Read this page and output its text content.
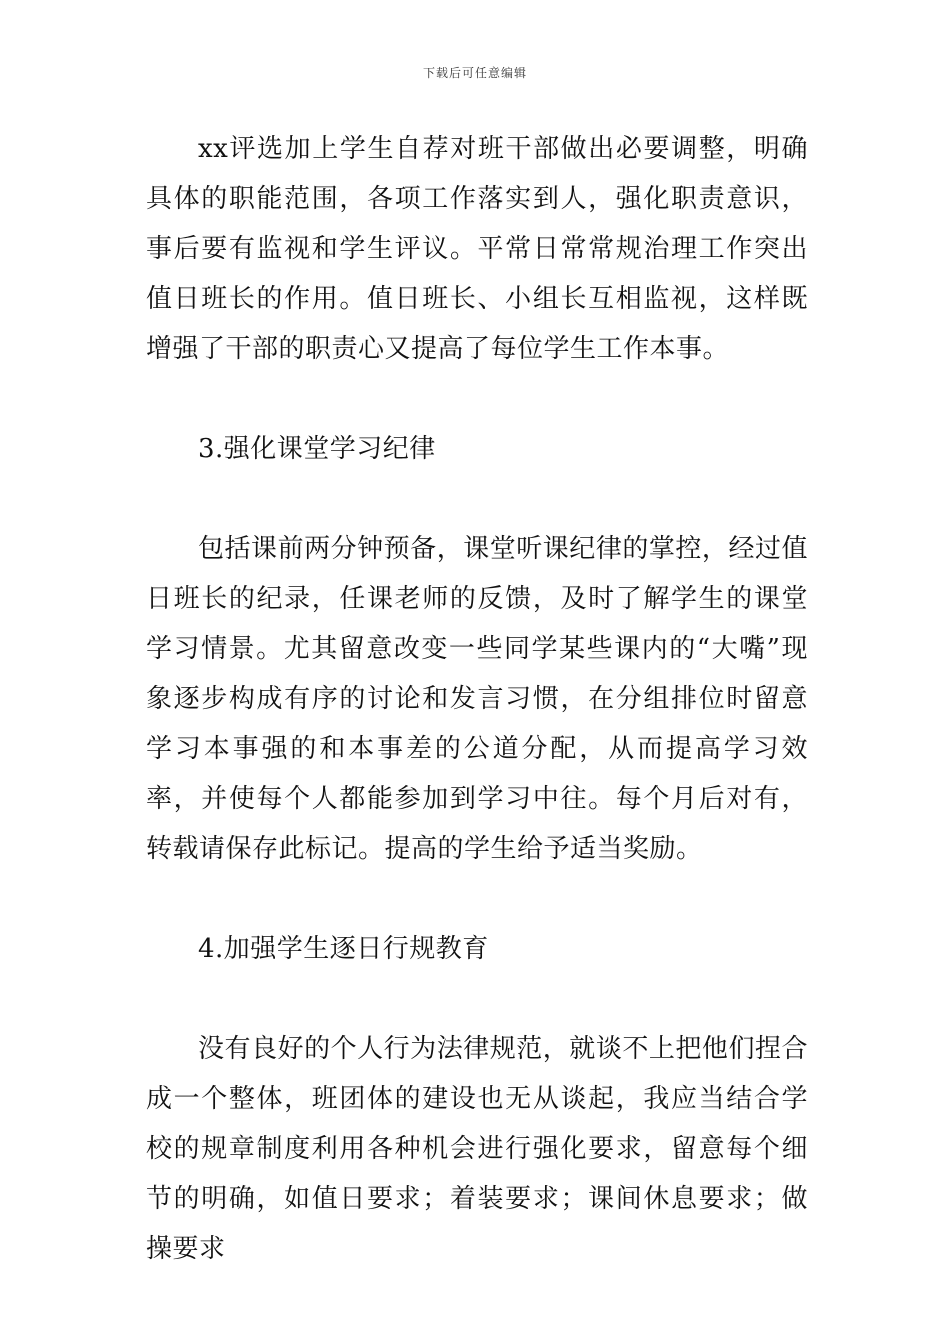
下载后可任意编辑

xx评选加上学生自荐对班干部做出必要调整，明确具体的职能范围，各项工作落实到人，强化职责意识，事后要有监视和学生评议。平常日常常规治理工作突出值日班长的作用。值日班长、小组长互相监视，这样既增强了干部的职责心又提高了每位学生工作本事。

3.强化课堂学习纪律

包括课前两分钟预备，课堂听课纪律的掌控，经过值日班长的纪录，任课老师的反馈，及时了解学生的课堂学习情景。尤其留意改变一些同学某些课内的“大嘴”现象逐步构成有序的讨论和发言习惯，在分组排位时留意学习本事强的和本事差的公道分配，从而提高学习效率，并使每个人都能参加到学习中往。每个月后对有，转载请保存此标记。提高的学生给予适当奖励。

4.加强学生逐日行规教育

没有良好的个人行为法律规范，就谈不上把他们捏合成一个整体，班团体的建设也无从谈起，我应当结合学校的规章制度利用各种机会进行强化要求，留意每个细节的明确，如值日要求；着装要求；课间休息要求；做操要求
